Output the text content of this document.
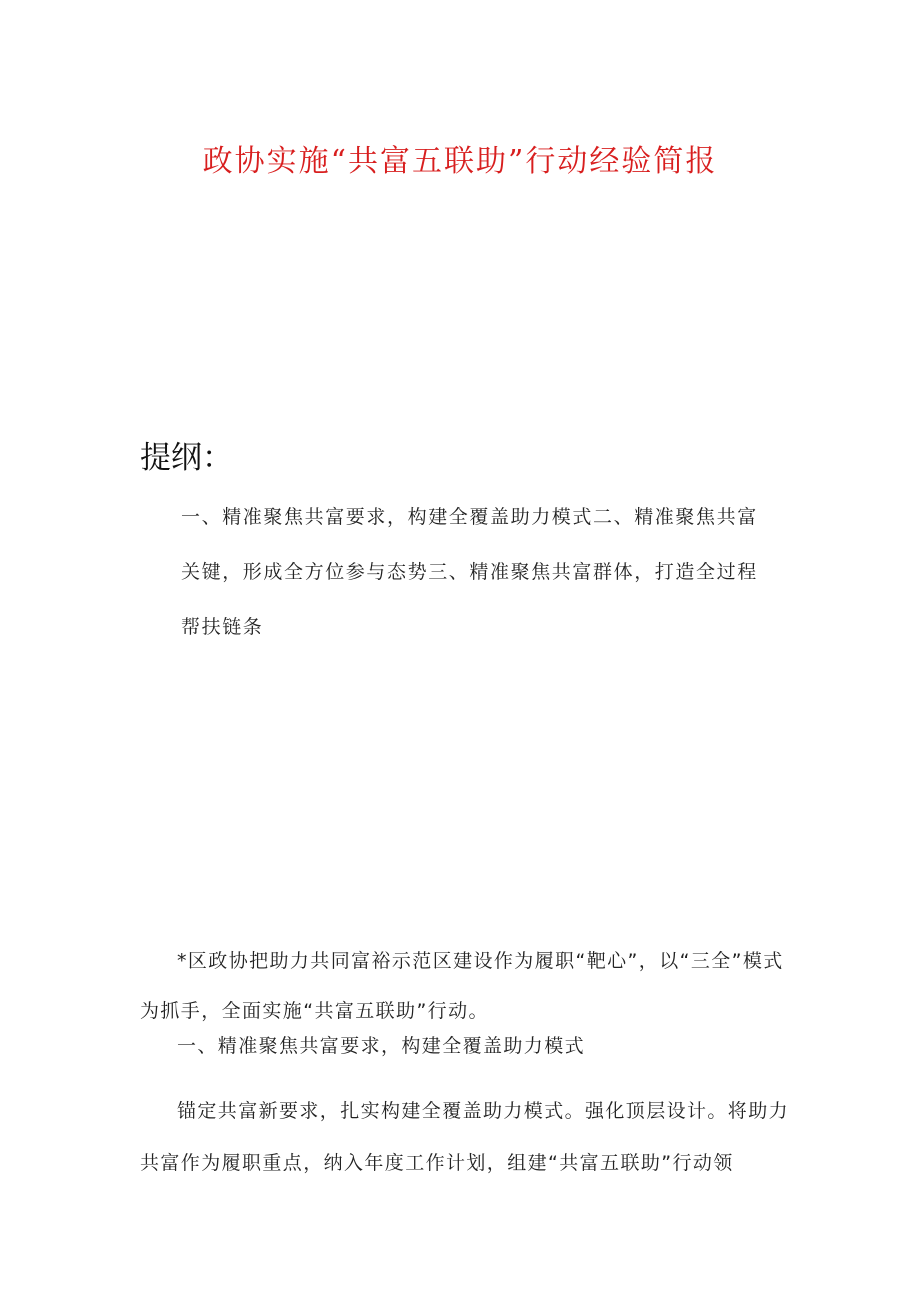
政协实施“共富五联助”行动经验简报
提纲：
一、精准聚焦共富要求，构建全覆盖助力模式二、精准聚焦共富关键，形成全方位参与态势三、精准聚焦共富群体，打造全过程帮扶链条
*区政协把助力共同富裕示范区建设作为履职“靶心”，以“三全”模式为抓手，全面实施“共富五联助”行动。
一、精准聚焦共富要求，构建全覆盖助力模式
锚定共富新要求，扎实构建全覆盖助力模式。强化顶层设计。将助力共富作为履职重点，纳入年度工作计划，组建“共富五联助”行动领
